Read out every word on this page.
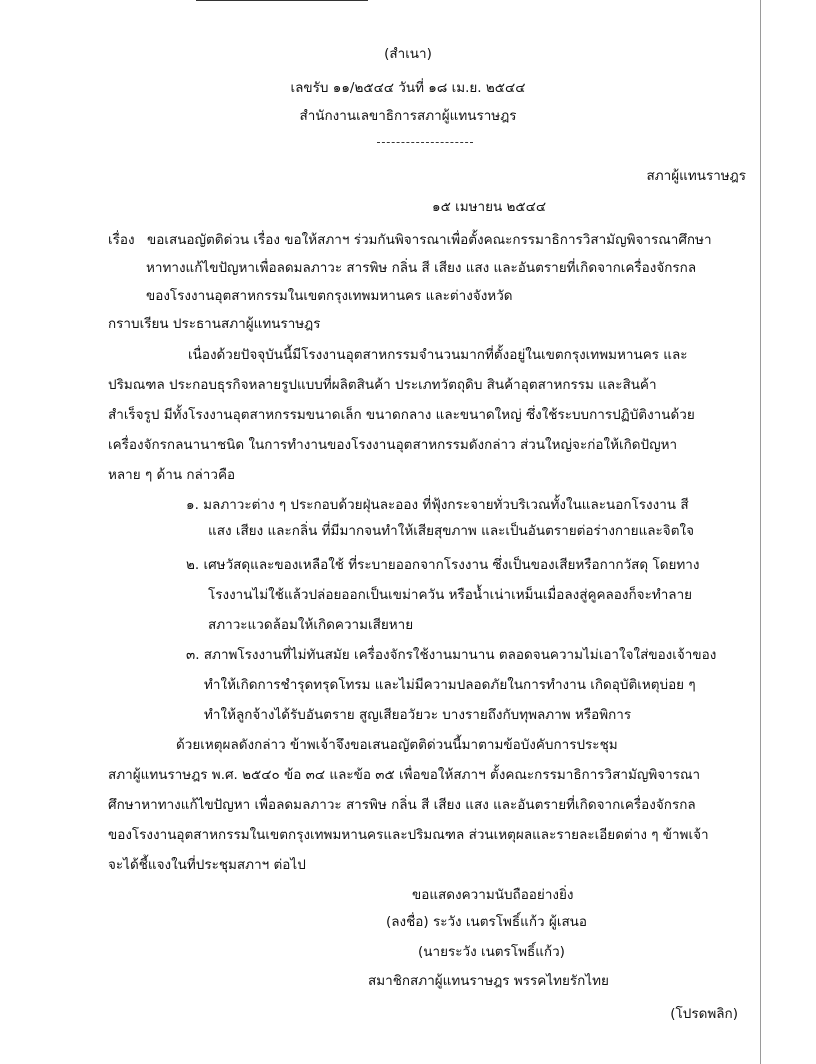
(สำเนา)
เลขรับ ๑๑/๒๕๔๔ วันที่ ๑๘ เม.ย. ๒๕๔๔
สำนักงานเลขาธิการสภาผู้แทนราษฎร
สภาผู้แทนราษฎร
๑๕ เมษายน ๒๕๔๔
เรื่อง ขอเสนอญัตติด่วน เรื่อง ขอให้สภาฯ ร่วมกันพิจารณาเพื่อตั้งคณะกรรมาธิการวิสามัญพิจารณาศึกษา
หาทางแก้ไขปัญหาเพื่อลดมลภาวะ สารพิษ กลิ่น สี เสียง แสง และอันตรายที่เกิดจากเครื่องจักรกล
ของโรงงานอุตสาหกรรมในเขตกรุงเทพมหานคร และต่างจังหวัด
กราบเรียน ประธานสภาผู้แทนราษฎร
เนื่องด้วยปัจจุบันนี้มีโรงงานอุตสาหกรรมจำนวนมากที่ตั้งอยู่ในเขตกรุงเทพมหานคร และ
ปริมณฑล ประกอบธุรกิจหลายรูปแบบที่ผลิตสินค้า ประเภทวัตถุดิบ สินค้าอุตสาหกรรม และสินค้า
สำเร็จรูป มีทั้งโรงงานอุตสาหกรรมขนาดเล็ก ขนาดกลาง และขนาดใหญ่ ซึ่งใช้ระบบการปฏิบัติงานด้วย
เครื่องจักรกลนานาชนิด ในการทำงานของโรงงานอุตสาหกรรมดังกล่าว ส่วนใหญ่จะก่อให้เกิดปัญหา
หลาย ๆ ด้าน กล่าวคือ
๑. มลภาวะต่าง ๆ ประกอบด้วยฝุ่นละออง ที่ฟุ้งกระจายทั่วบริเวณทั้งในและนอกโรงงาน สี
แสง เสียง และกลิ่น ที่มีมากจนทำให้เสียสุขภาพ และเป็นอันตรายต่อร่างกายและจิตใจ
๒. เศษวัสดุและของเหลือใช้ ที่ระบายออกจากโรงงาน ซึ่งเป็นของเสียหรือกากวัสดุ โดยทาง
โรงงานไม่ใช้แล้วปล่อยออกเป็นเขม่าควัน หรือน้ำเน่าเหม็นเมื่อลงสู่คูคลองก็จะทำลาย
สภาวะแวดล้อมให้เกิดความเสียหาย
๓. สภาพโรงงานที่ไม่ทันสมัย เครื่องจักรใช้งานมานาน ตลอดจนความไม่เอาใจใส่ของเจ้าของ
ทำให้เกิดการชำรุดทรุดโทรม และไม่มีความปลอดภัยในการทำงาน เกิดอุบัติเหตุบ่อย ๆ
ทำให้ลูกจ้างได้รับอันตราย สูญเสียอวัยวะ บางรายถึงกับทุพลภาพ หรือพิการ
ด้วยเหตุผลดังกล่าว ข้าพเจ้าจึงขอเสนอญัตติด่วนนี้มาตามข้อบังคับการประชุม
สภาผู้แทนราษฎร พ.ศ. ๒๕๔๐ ข้อ ๓๔ และข้อ ๓๕ เพื่อขอให้สภาฯ ตั้งคณะกรรมาธิการวิสามัญพิจารณา
ศึกษาหาทางแก้ไขปัญหา เพื่อลดมลภาวะ สารพิษ กลิ่น สี เสียง แสง และอันตรายที่เกิดจากเครื่องจักรกล
ของโรงงานอุตสาหกรรมในเขตกรุงเทพมหานครและปริมณฑล ส่วนเหตุผลและรายละเอียดต่าง ๆ ข้าพเจ้า
จะได้ชี้แจงในที่ประชุมสภาฯ ต่อไป
ขอแสดงความนับถืออย่างยิ่ง
(ลงชื่อ) ระวัง เนตรโพธิ์แก้ว ผู้เสนอ
(นายระวัง เนตรโพธิ์แก้ว)
สมาชิกสภาผู้แทนราษฎร พรรคไทยรักไทย
(โปรดพลิก)
